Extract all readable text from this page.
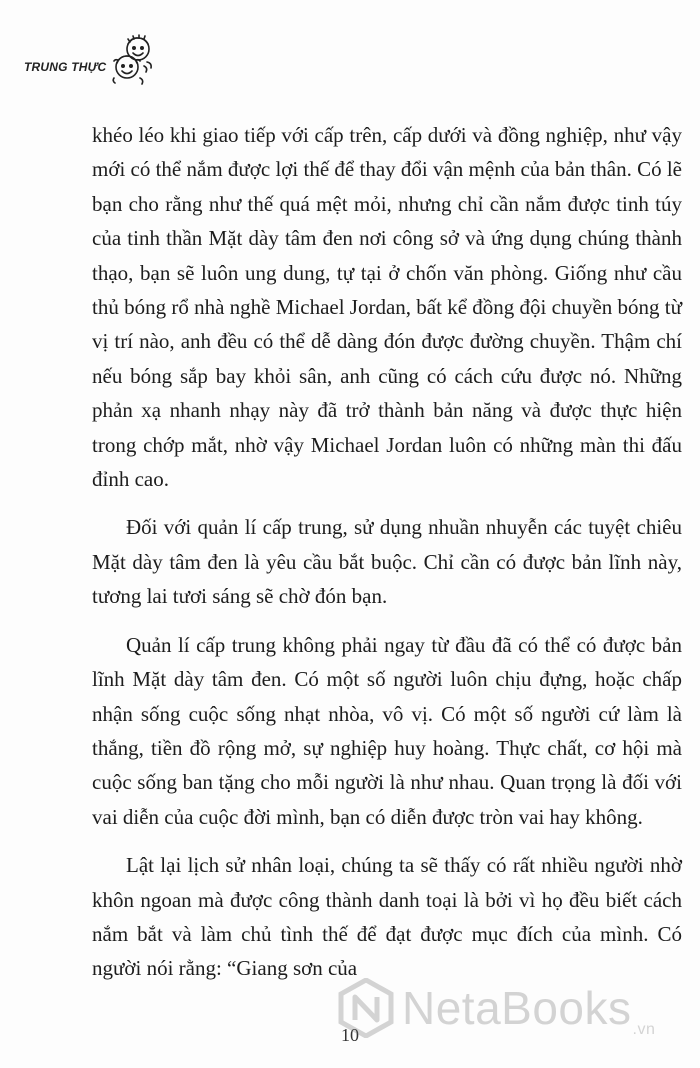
TRUNG THỰC

khéo léo khi giao tiếp với cấp trên, cấp dưới và đồng nghiệp, như vậy mới có thể nắm được lợi thế để thay đổi vận mệnh của bản thân. Có lẽ bạn cho rằng như thế quá mệt mỏi, nhưng chỉ cần nắm được tinh túy của tinh thần Mặt dày tâm đen nơi công sở và ứng dụng chúng thành thạo, bạn sẽ luôn ung dung, tự tại ở chốn văn phòng. Giống như cầu thủ bóng rổ nhà nghề Michael Jordan, bất kể đồng đội chuyền bóng từ vị trí nào, anh đều có thể dễ dàng đón được đường chuyền. Thậm chí nếu bóng sắp bay khỏi sân, anh cũng có cách cứu được nó. Những phản xạ nhanh nhạy này đã trở thành bản năng và được thực hiện trong chớp mắt, nhờ vậy Michael Jordan luôn có những màn thi đấu đỉnh cao.

Đối với quản lí cấp trung, sử dụng nhuần nhuyễn các tuyệt chiêu Mặt dày tâm đen là yêu cầu bắt buộc. Chỉ cần có được bản lĩnh này, tương lai tươi sáng sẽ chờ đón bạn.

Quản lí cấp trung không phải ngay từ đầu đã có thể có được bản lĩnh Mặt dày tâm đen. Có một số người luôn chịu đựng, hoặc chấp nhận sống cuộc sống nhạt nhòa, vô vị. Có một số người cứ làm là thắng, tiền đồ rộng mở, sự nghiệp huy hoàng. Thực chất, cơ hội mà cuộc sống ban tặng cho mỗi người là như nhau. Quan trọng là đối với vai diễn của cuộc đời mình, bạn có diễn được tròn vai hay không.

Lật lại lịch sử nhân loại, chúng ta sẽ thấy có rất nhiều người nhờ khôn ngoan mà được công thành danh toại là bởi vì họ đều biết cách nắm bắt và làm chủ tình thế để đạt được mục đích của mình. Có người nói rằng: “Giang sơn của

10
NetaBooks$_{.vn}$
